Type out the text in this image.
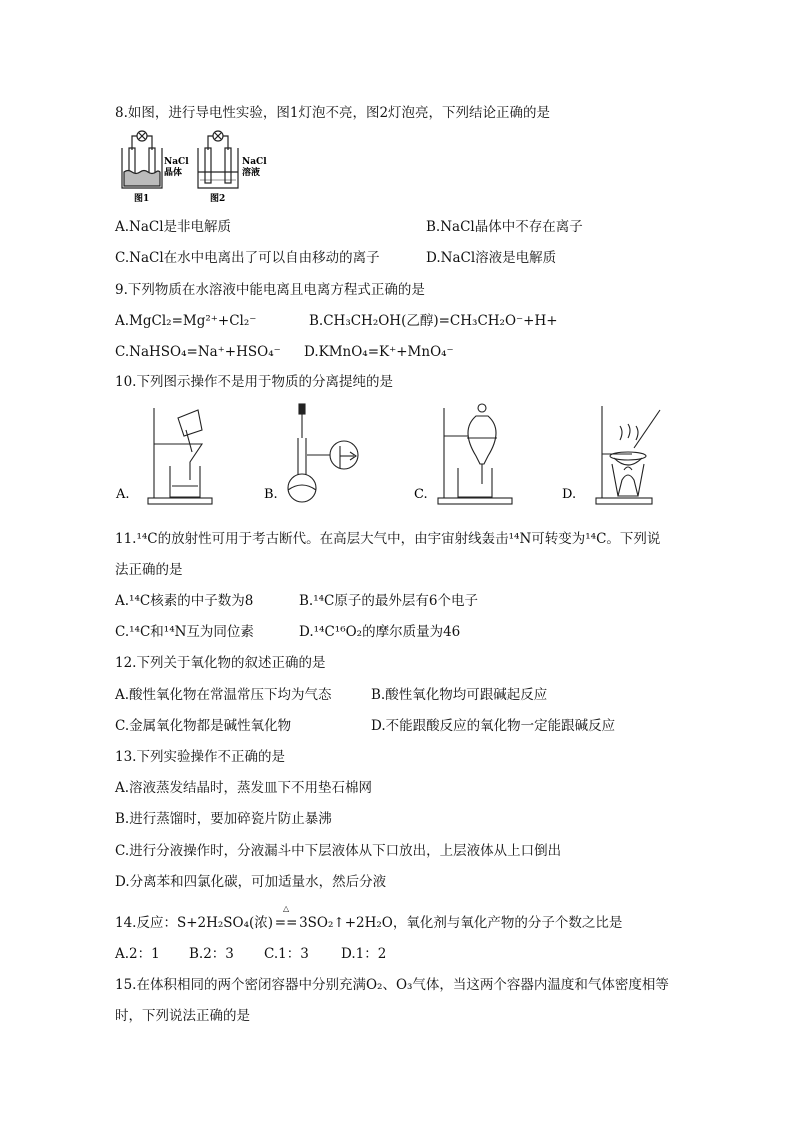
8.如图，进行导电性实验，图1灯泡不亮，图2灯泡亮，下列结论正确的是
NaCl
晶体
图1
NaCl
溶液
图2
A.NaCl是非电解质	B.NaCl晶体中不存在离子
C.NaCl在水中电离出了可以自由移动的离子	D.NaCl溶液是电解质
9.下列物质在水溶液中能电离且电离方程式正确的是
A.MgCl₂=Mg²⁺+Cl₂⁻	B.CH₃CH₂OH(乙醇)=CH₃CH₂O⁻+H+
C.NaHSO₄=Na⁺+HSO₄⁻ D.KMnO₄=K⁺+MnO₄⁻
10.下列图示操作不是用于物质的分离提纯的是
A.	B.	C.	D.
11.¹⁴C的放射性可用于考古断代。在高层大气中，由宇宙射线轰击¹⁴N可转变为¹⁴C。下列说
法正确的是
A.¹⁴C核素的中子数为8	B.¹⁴C原子的最外层有6个电子
C.¹⁴C和¹⁴N互为同位素	D.¹⁴C¹⁶O₂的摩尔质量为46
12.下列关于氧化物的叙述正确的是
A.酸性氧化物在常温常压下均为气态	B.酸性氧化物均可跟碱起反应
C.金属氧化物都是碱性氧化物	D.不能跟酸反应的氧化物一定能跟碱反应
13.下列实验操作不正确的是
A.溶液蒸发结晶时，蒸发皿下不用垫石棉网
B.进行蒸馏时，要加碎瓷片防止暴沸
C.进行分液操作时，分液漏斗中下层液体从下口放出，上层液体从上口倒出
D.分离苯和四氯化碳，可加适量水，然后分液
14.反应：S+2H₂SO₄(浓)
△
== 3SO₂↑+2H₂O，氧化剂与氧化产物的分子个数之比是
A.2：1 B.2：3 C.1：3 D.1：2
15.在体积相同的两个密闭容器中分别充满O₂、O₃气体，当这两个容器内温度和气体密度相等
时，下列说法正确的是
